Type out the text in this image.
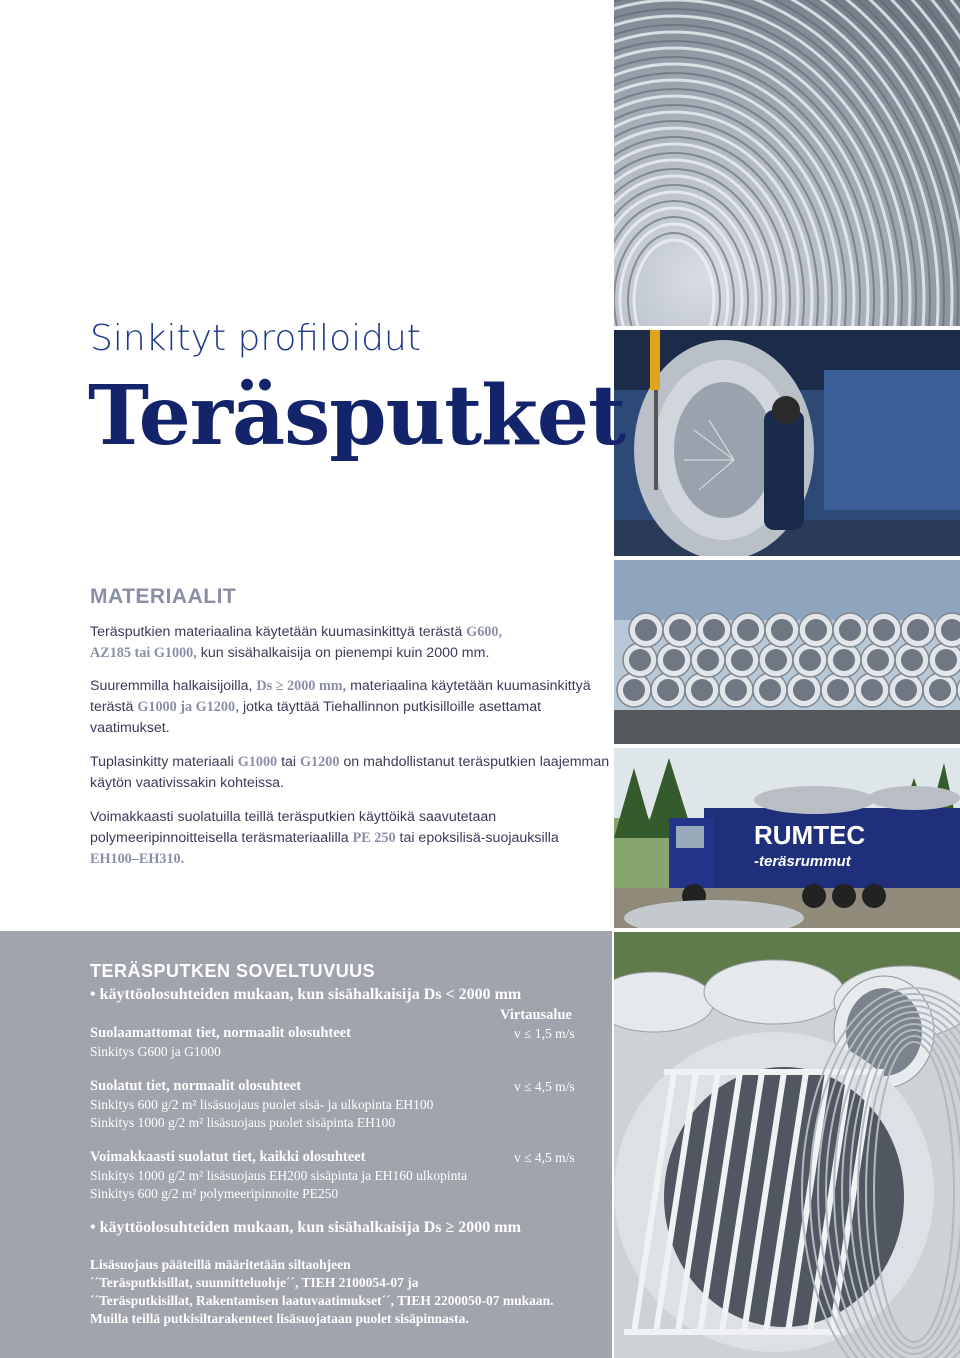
RUMTEC
-teräsrummut
Sinkityt profiloidut
Teräsputket
MATERIAALIT
Teräsputkien materiaalina käytetään kuumasinkittyä terästä G600,
AZ185 tai G1000, kun sisähalkaisija on pienempi kuin 2000 mm.
Suuremmilla halkaisijoilla, Ds ≥ 2000 mm, materiaalina käytetään kuumasinkittyä terästä G1000 ja G1200, jotka täyttää Tiehallinnon putkisilloille asettamat vaatimukset.
Tuplasinkitty materiaali G1000 tai G1200 on mahdollistanut teräsputkien laajemman käytön vaativissakin kohteissa.
Voimakkaasti suolatuilla teillä teräsputkien käyttöikä saavutetaan polymeeripinnoitteisella teräsmateriaalilla PE 250 tai epoksilisä-suojauksilla EH100–EH310.
TERÄSPUTKEN SOVELTUVUUS
• käyttöolosuhteiden mukaan, kun sisähalkaisija Ds < 2000 mm
Virtausalue
Suolaamattomat tiet, normaalit olosuhteet	v ≤ 1,5 m/s
Sinkitys G600 ja G1000
Suolatut tiet, normaalit olosuhteet	v ≤ 4,5 m/s
Sinkitys 600 g/2 m² lisäsuojaus puolet sisä- ja ulkopinta EH100
Sinkitys 1000 g/2 m² lisäsuojaus puolet sisäpinta EH100
Voimakkaasti suolatut tiet, kaikki olosuhteet	v ≤ 4,5 m/s
Sinkitys 1000 g/2 m² lisäsuojaus EH200 sisäpinta ja EH160 ulkopinta
Sinkitys 600 g/2 m² polymeeripinnoite PE250
• käyttöolosuhteiden mukaan, kun sisähalkaisija Ds ≥ 2000 mm
Lisäsuojaus pääteillä määritetään siltaohjeen
´´Teräsputkisillat, suunnitteluohje´´, TIEH 2100054-07 ja
´´Teräsputkisillat, Rakentamisen laatuvaatimukset´´, TIEH 2200050-07 mukaan.
Muilla teillä putkisiltarakenteet lisäsuojataan puolet sisäpinnasta.
